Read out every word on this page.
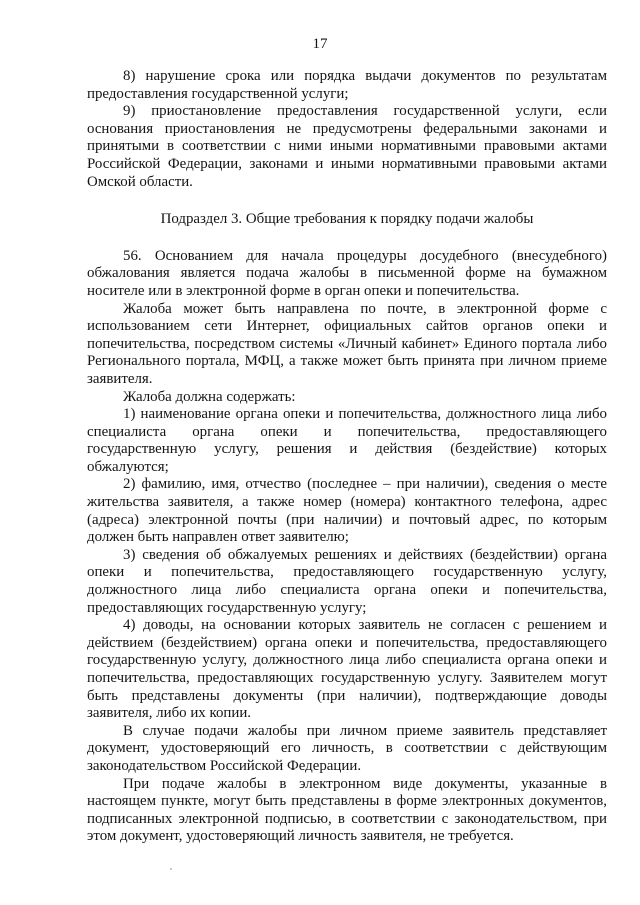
17

8) нарушение срока или порядка выдачи документов по результатам предоставления государственной услуги;

9) приостановление предоставления государственной услуги, если основания приостановления не предусмотрены федеральными законами и принятыми в соответствии с ними иными нормативными правовыми актами Российской Федерации, законами и иными нормативными правовыми актами Омской области.

Подраздел 3. Общие требования к порядку подачи жалобы

56. Основанием для начала процедуры досудебного (внесудебного) обжалования является подача жалобы в письменной форме на бумажном носителе или в электронной форме в орган опеки и попечительства.

Жалоба может быть направлена по почте, в электронной форме с использованием сети Интернет, официальных сайтов органов опеки и попечительства, посредством системы «Личный кабинет» Единого портала либо Регионального портала, МФЦ, а также может быть принята при личном приеме заявителя.

Жалоба должна содержать:

1) наименование органа опеки и попечительства, должностного лица либо специалиста органа опеки и попечительства, предоставляющего государственную услугу, решения и действия (бездействие) которых обжалуются;

2) фамилию, имя, отчество (последнее – при наличии), сведения о месте жительства заявителя, а также номер (номера) контактного телефона, адрес (адреса) электронной почты (при наличии) и почтовый адрес, по которым должен быть направлен ответ заявителю;

3) сведения об обжалуемых решениях и действиях (бездействии) органа опеки и попечительства, предоставляющего государственную услугу, должностного лица либо специалиста органа опеки и попечительства, предоставляющих государственную услугу;

4) доводы, на основании которых заявитель не согласен с решением и действием (бездействием) органа опеки и попечительства, предоставляющего государственную услугу, должностного лица либо специалиста органа опеки и попечительства, предоставляющих государственную услугу. Заявителем могут быть представлены документы (при наличии), подтверждающие доводы заявителя, либо их копии.

В случае подачи жалобы при личном приеме заявитель представляет документ, удостоверяющий его личность, в соответствии с действующим законодательством Российской Федерации.

При подаче жалобы в электронном виде документы, указанные в настоящем пункте, могут быть представлены в форме электронных документов, подписанных электронной подписью, в соответствии с законодательством, при этом документ, удостоверяющий личность заявителя, не требуется.
